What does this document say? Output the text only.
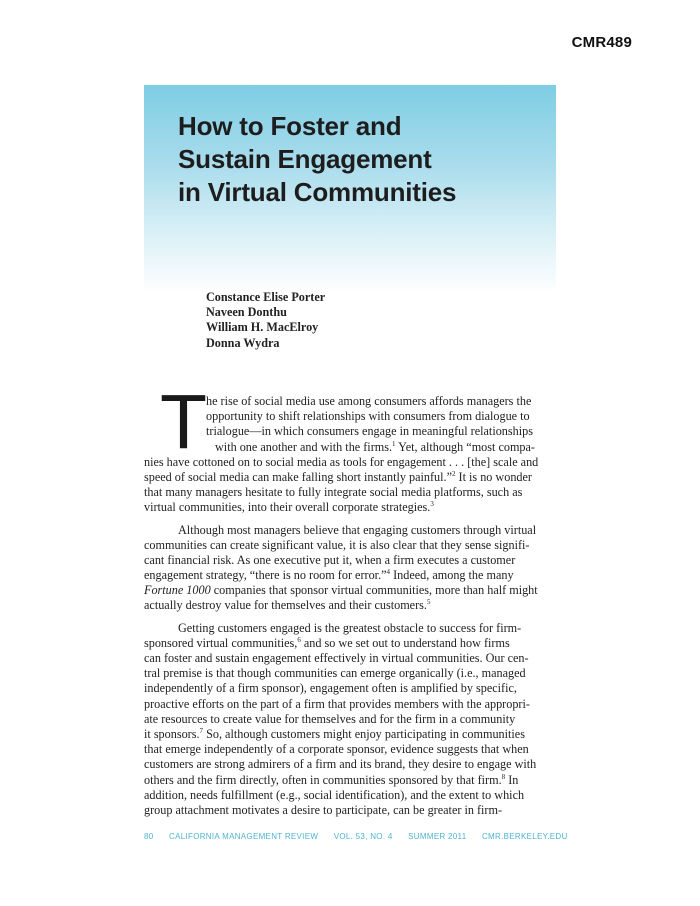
CMR489
How to Foster and
Sustain Engagement
in Virtual Communities
Constance Elise Porter
Naveen Donthu
William H. MacElroy
Donna Wydra
T
he rise of social media use among consumers affords managers the
opportunity to shift relationships with consumers from dialogue to
trialogue—in which consumers engage in meaningful relationships
with one another and with the firms.$^1$ Yet, although “most compa-
nies have cottoned on to social media as tools for engagement . . . [the] scale and
speed of social media can make falling short instantly painful.”$^2$ It is no wonder
that many managers hesitate to fully integrate social media platforms, such as
virtual communities, into their overall corporate strategies.$^3$
Although most managers believe that engaging customers through virtual
communities can create significant value, it is also clear that they sense signifi-
cant financial risk. As one executive put it, when a firm executes a customer
engagement strategy, “there is no room for error.”$^4$ Indeed, among the many
Fortune 1000 companies that sponsor virtual communities, more than half might
actually destroy value for themselves and their customers.$^5$
Getting customers engaged is the greatest obstacle to success for firm-
sponsored virtual communities,$^6$ and so we set out to understand how firms
can foster and sustain engagement effectively in virtual communities. Our cen-
tral premise is that though communities can emerge organically (i.e., managed
independently of a firm sponsor), engagement often is amplified by specific,
proactive efforts on the part of a firm that provides members with the appropri-
ate resources to create value for themselves and for the firm in a community
it sponsors.$^7$ So, although customers might enjoy participating in communities
that emerge independently of a corporate sponsor, evidence suggests that when
customers are strong admirers of a firm and its brand, they desire to engage with
others and the firm directly, often in communities sponsored by that firm.$^8$ In
addition, needs fulfillment (e.g., social identification), and the extent to which
group attachment motivates a desire to participate, can be greater in firm-
80 CALIFORNIA MANAGEMENT REVIEW VOL. 53, NO. 4 SUMMER 2011 CMR.BERKELEY.EDU
